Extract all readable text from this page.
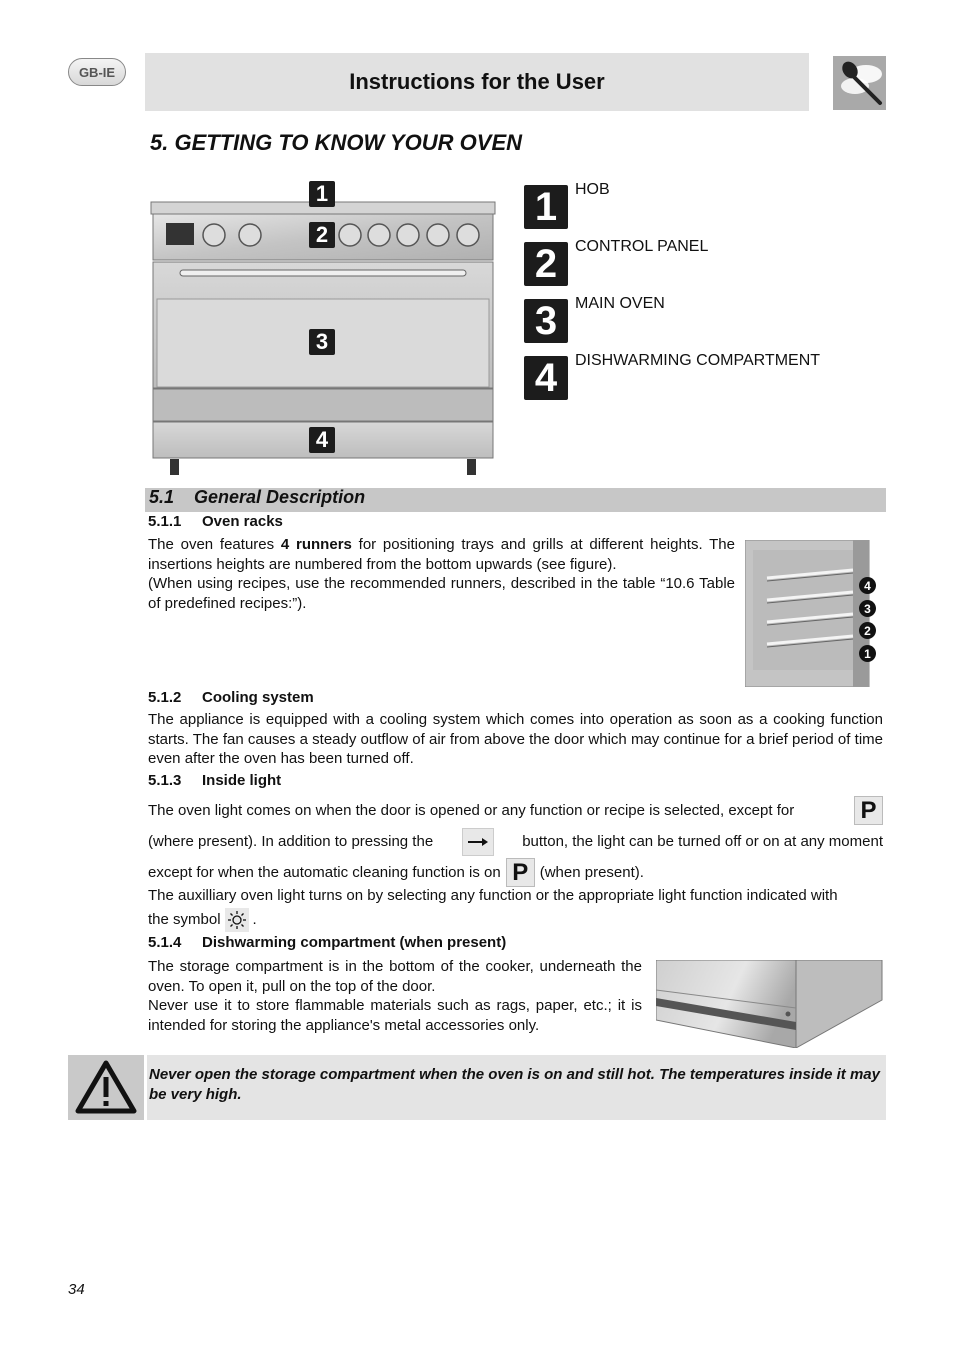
GB-IE	Instructions for the User
5. GETTING TO KNOW YOUR OVEN
1
2
3
4
1	HOB
2	CONTROL PANEL
3	MAIN OVEN
4	DISHWARMING COMPARTMENT
5.1    General Description
5.1.1 Oven racks
The oven features 4 runners for positioning trays and grills at different heights. The insertions heights are numbered from the bottom upwards (see figure).
(When using recipes, use the recommended runners, described in the table “10.6 Table of predefined recipes:”).
4
3
2
1
5.1.2 Cooling system
The appliance is equipped with a cooling system which comes into operation as soon as a cooking function starts. The fan causes a steady outflow of air from above the door which may continue for a brief period of time even after the oven has been turned off.
5.1.3 Inside light
The oven light comes on when the door is opened or any function or recipe is selected, except for	P
(where present). In addition to pressing the	button, the light can be turned off or on at any moment
except for when the automatic cleaning function is on P (when present).
The auxilliary oven light turns on by selecting any function or the appropriate light function indicated with
the symbol .
5.1.4 Dishwarming compartment (when present)
The storage compartment is in the bottom of the cooker, underneath the oven. To open it, pull on the top of the door.
Never use it to store flammable materials such as rags, paper, etc.; it is intended for storing the appliance's metal accessories only.
Never open the storage compartment when the oven is on and still hot. The temperatures inside it may be very high.
34
